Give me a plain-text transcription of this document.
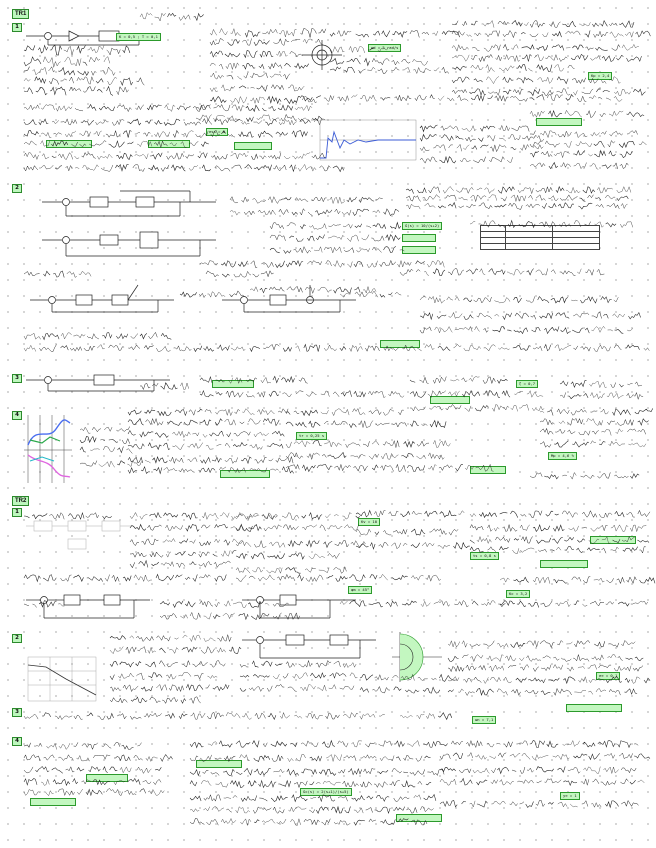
TR1
TR2
1
2
3
4
1
2
3
4
K = 0,5 ; T = 0,1
ωd = 5 rad/s
Kp = 2,4
ess = 0
G(s) = 10/(s+2)
ζ = 0,7
tr = 0,25 s
Mp = 4,6 %
Kv = 10
ts = 0,8 s
φm = 45°
Kc = 3,2
e∞ = 0,1
ωn = 7,1
Gc(s) = 2(s+1)/(s+5)
y∞ = 1
